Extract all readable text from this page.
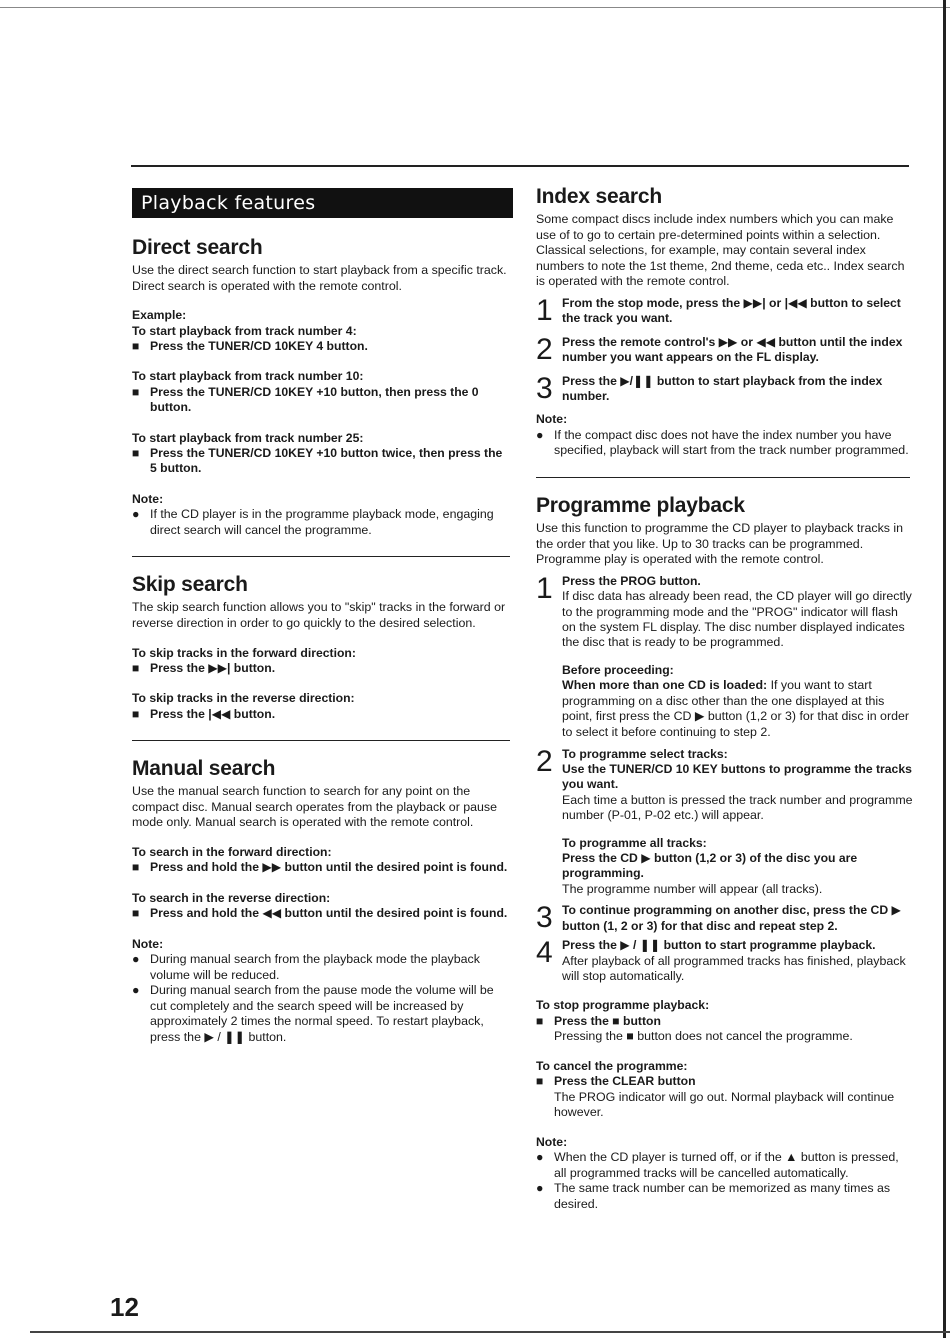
Playback features
Direct search

Use the direct search function to start playback from a specific track. Direct search is operated with the remote control.

Example:
To start playback from track number 4:
■ Press the TUNER/CD 10KEY 4 button.
To start playback from track number 10:
■ Press the TUNER/CD 10KEY +10 button, then press the 0 button.
To start playback from track number 25:
■ Press the TUNER/CD 10KEY +10 button twice, then press the 5 button.
Note:
● If the CD player is in the programme playback mode, engaging direct search will cancel the programme.
Skip search

The skip search function allows you to "skip" tracks in the forward or reverse direction in order to go quickly to the desired selection.

To skip tracks in the forward direction:
■ Press the ▶▶| button.
To skip tracks in the reverse direction:
■ Press the |◀◀ button.
Manual search

Use the manual search function to search for any point on the compact disc. Manual search operates from the playback or pause mode only. Manual search is operated with the remote control.

To search in the forward direction:
■ Press and hold the ▶▶ button until the desired point is found.
To search in the reverse direction:
■ Press and hold the ◀◀ button until the desired point is found.
Note:
● During manual search from the playback mode the playback volume will be reduced.
● During manual search from the pause mode the volume will be cut completely and the search speed will be increased by approximately 2 times the normal speed. To restart playback, press the ▶ / ❚❚ button.
Index search

Some compact discs include index numbers which you can make use of to go to certain pre-determined points within a selection.

Classical selections, for example, may contain several index numbers to note the 1st theme, 2nd theme, ceda etc.. Index search is operated with the remote control.

1 From the stop mode, press the ▶▶| or |◀◀ button to select the track you want.
2 Press the remote control's ▶▶ or ◀◀ button until the index number you want appears on the FL display.
3 Press the ▶/❚❚ button to start playback from the index number.
Note:
● If the compact disc does not have the index number you have specified, playback will start from the track number programmed.
Programme playback

Use this function to programme the CD player to playback tracks in the order that you like. Up to 30 tracks can be programmed. Programme play is operated with the remote control.

1 Press the PROG button.
If disc data has already been read, the CD player will go directly to the programming mode and the "PROG" indicator will flash on the system FL display. The disc number displayed indicates the disc that is ready to be programmed.
Before proceeding:

When more than one CD is loaded: If you want to start programming on a disc other than the one displayed at this point, first press the CD ▶ button (1,2 or 3) for that disc in order to select it before continuing to step 2.

2 To programme select tracks:
Use the TUNER/CD 10 KEY buttons to programme the tracks you want.
Each time a button is pressed the track number and programme number (P-01, P-02 etc.) will appear.
To programme all tracks:
Press the CD ▶ button (1,2 or 3) of the disc you are programming.

The programme number will appear (all tracks).

3 To continue programming on another disc, press the CD ▶ button (1, 2 or 3) for that disc and repeat step 2.
4 Press the ▶ / ❚❚ button to start programme playback.
After playback of all programmed tracks has finished, playback will stop automatically.
To stop programme playback:
■ Press the ■ button

Pressing the ■ button does not cancel the programme.

To cancel the programme:
■ Press the CLEAR button

The PROG indicator will go out. Normal playback will continue however.

Note:
● When the CD player is turned off, or if the ▲ button is pressed, all programmed tracks will be cancelled automatically.
● The same track number can be memorized as many times as desired.
12
